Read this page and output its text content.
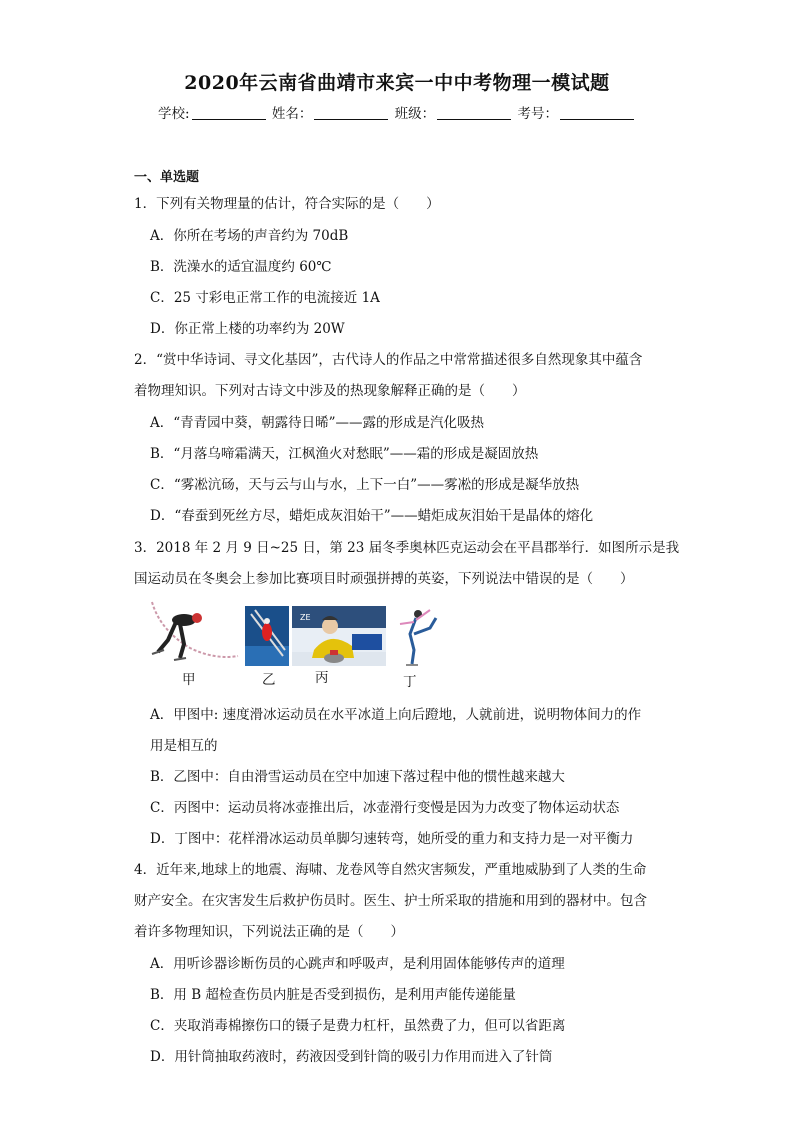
2020年云南省曲靖市来宾一中中考物理一模试题
学校:	姓名：	班级：	考号：
一、单选题
1．下列有关物理量的估计，符合实际的是（　　）
A．你所在考场的声音约为 70dB
B．洗澡水的适宜温度约 60℃
C．25 寸彩电正常工作的电流接近 1A
D．你正常上楼的功率约为 20W
2．“赏中华诗词、寻文化基因”，古代诗人的作品之中常常描述很多自然现象其中蕴含
着物理知识。下列对古诗文中涉及的热现象解释正确的是（　　）
A．“青青园中葵，朝露待日晞”——露的形成是汽化吸热
B．“月落乌啼霜满天，江枫渔火对愁眠”——霜的形成是凝固放热
C．“雾凇沆砀，天与云与山与水，上下一白”——雾凇的形成是凝华放热
D．“春蚕到死丝方尽，蜡炬成灰泪始干”——蜡炬成灰泪始干是晶体的熔化
3．2018 年 2 月 9 日~25 日，第 23 届冬季奥林匹克运动会在平昌郡举行．如图所示是我
国运动员在冬奥会上参加比赛项目时顽强拼搏的英姿，下列说法中错误的是（　　）
ZE
甲	乙	丙	丁
A．甲图中: 速度滑冰运动员在水平冰道上向后蹬地，人就前进，说明物体间力的作
用是相互的
B．乙图中：自由滑雪运动员在空中加速下落过程中他的惯性越来越大
C．丙图中：运动员将冰壶推出后，冰壶滑行变慢是因为力改变了物体运动状态
D．丁图中：花样滑冰运动员单脚匀速转弯，她所受的重力和支持力是一对平衡力
4．近年来,地球上的地震、海啸、龙卷风等自然灾害频发，严重地威胁到了人类的生命
财产安全。在灾害发生后救护伤员时。医生、护士所采取的措施和用到的器材中。包含
着许多物理知识，下列说法正确的是（　　）
A．用听诊器诊断伤员的心跳声和呼吸声，是利用固体能够传声的道理
B．用 B 超检查伤员内脏是否受到损伤，是利用声能传递能量
C．夹取消毒棉擦伤口的镊子是费力杠杆，虽然费了力，但可以省距离
D．用针筒抽取药液时，药液因受到针筒的吸引力作用而进入了针筒
